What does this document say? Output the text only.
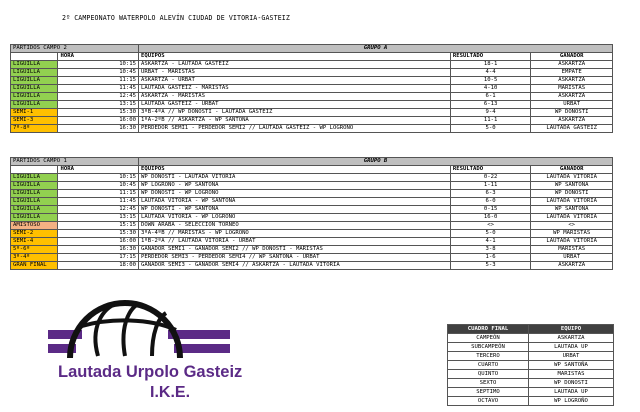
2º CAMPEONATO WATERPOLO ALEVÍN CIUDAD DE VITORIA-GASTEIZ
PARTIDOS CAMPO 2		GRUPO A		
	HORA	EQUIPOS	RESULTADO	GANADOR
LIGUILLA	10:15	ASKARTZA - LAUTADA GASTEIZ	18-1	ASKARTZA
LIGUILLA	10:45	URBAT - MARISTAS	4-4	EMPATE
LIGUILLA	11:15	ASKARTZA - URBAT	10-5	ASKARTZA
LIGUILLA	11:45	LAUTADA GASTEIZ - MARISTAS	4-10	MARISTAS
LIGUILLA	12:45	ASKARTZA - MARISTAS	6-1	ASKARTZA
LIGUILLA	13:15	LAUTADA GASTEIZ - URBAT	6-13	URBAT
SEMI-1	15:30	3ºB-4ºA // WP DONOSTI - LAUTADA GASTEIZ	9-4	WP DONOSTI
SEMI-3	16:00	1ºA-2ºB // ASKARTZA - WP SANTOÑA	11-1	ASKARTZA
7º-8º	16:30	PERDEDOR SEMI1 - PERDEDOR SEMI2 // LAUTADA GASTEIZ - WP LOGROÑO	5-0	LAUTADA GASTEIZ
PARTIDOS CAMPO 1		GRUPO B		
	HORA	EQUIPOS	RESULTADO	GANADOR
LIGUILLA	10:15	WP DONOSTI - LAUTADA VITORIA	0-22	LAUTADA VITORIA
LIGUILLA	10:45	WP LOGROÑO - WP SANTOÑA	1-11	WP SANTOÑA
LIGUILLA	11:15	WP DONOSTI - WP LOGROÑO	6-3	WP DONOSTI
LIGUILLA	11:45	LAUTADA VITORIA - WP SANTOÑA	6-0	LAUTADA VITORIA
LIGUILLA	12:45	WP DONOSTI - WP SANTOÑA	0-15	WP SANTOÑA
LIGUILLA	13:15	LAUTADA VITORIA - WP LOGROÑO	16-0	LAUTADA VITORIA
AMISTOSO	15:15	DOWN ARABA - SELECCIÓN TORNEO	<>	<>
SEMI-2	15:30	3ºA-4ºB // MARISTAS - WP LOGROÑO	5-0	WP MARISTAS
SEMI-4	16:00	1ºB-2ºA // LAUTADA VITORIA - URBAT	4-1	LAUTADA VITORIA
5º-6º	16:30	GANADOR SEMI1 - GANADOR SEMI2 // WP DONOSTI - MARISTAS	3-8	MARISTAS
3º-4º	17:15	PERDEDOR SEMI3 - PERDEDOR SEMI4 // WP SANTOÑA - URBAT	1-6	URBAT
GRAN FINAL	18:00	GANADOR SEMI3 - GANADOR SEMI4 // ASKARTZA - LAUTADA VITORIA	5-3	ASKARTZA
Lautada Urpolo Gasteiz
I.K.E.
CUADRO FINAL	EQUIPO
CAMPEÓN	ASKARTZA
SUBCAMPEÓN	LAUTADA UP
TERCERO	URBAT
CUARTO	WP SANTOÑA
QUINTO	MARISTAS
SEXTO	WP DONOSTI
SEPTIMO	LAUTADA UP
OCTAVO	WP LOGROÑO
